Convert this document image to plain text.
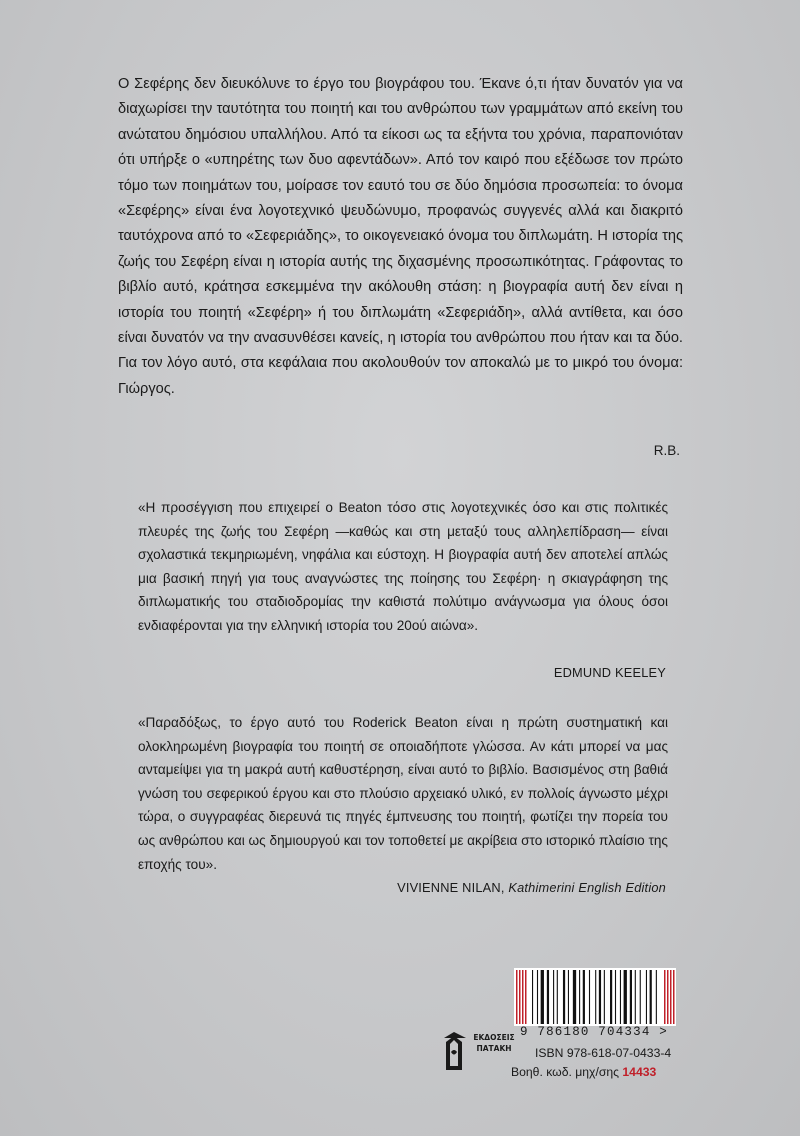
Ο Σεφέρης δεν διευκόλυνε το έργο του βιογράφου του. Έκανε ό,τι ήταν δυνατόν για να διαχωρίσει την ταυτότητα του ποιητή και του ανθρώπου των γραμμάτων από εκείνη του ανώτατου δημόσιου υπαλλήλου. Από τα είκοσι ως τα εξήντα του χρόνια, παραπονιόταν ότι υπήρξε ο «υπηρέτης των δυο αφεντάδων». Από τον καιρό που εξέδωσε τον πρώτο τόμο των ποιημάτων του, μοίρασε τον εαυτό του σε δύο δημόσια προσωπεία: το όνομα «Σεφέρης» είναι ένα λογοτεχνικό ψευδώνυμο, προφανώς συγγενές αλλά και διακριτό ταυτόχρονα από το «Σεφεριάδης», το οικογενειακό όνομα του διπλωμάτη. Η ιστορία της ζωής του Σεφέρη είναι η ιστορία αυτής της διχασμένης προσωπικότητας. Γράφοντας το βιβλίο αυτό, κράτησα εσκεμμένα την ακόλουθη στάση: η βιογραφία αυτή δεν είναι η ιστορία του ποιητή «Σεφέρη» ή του διπλωμάτη «Σεφεριάδη», αλλά αντίθετα, και όσο είναι δυνατόν να την ανασυνθέσει κανείς, η ιστορία του ανθρώπου που ήταν και τα δύο. Για τον λόγο αυτό, στα κεφάλαια που ακολουθούν τον αποκαλώ με το μικρό του όνομα: Γιώργος.

R.B.

«Η προσέγγιση που επιχειρεί ο Beaton τόσο στις λογοτεχνικές όσο και στις πολιτικές πλευρές της ζωής του Σεφέρη —καθώς και στη μεταξύ τους αλληλεπίδραση— είναι σχολαστικά τεκμηριωμένη, νηφάλια και εύστοχη. Η βιογραφία αυτή δεν αποτελεί απλώς μια βασική πηγή για τους αναγνώστες της ποίησης του Σεφέρη· η σκιαγράφηση της διπλωματικής του σταδιοδρομίας την καθιστά πολύτιμο ανάγνωσμα για όλους όσοι ενδιαφέρονται για την ελληνική ιστορία του 20ού αιώνα».

EDMUND KEELEY

«Παραδόξως, το έργο αυτό του Roderick Beaton είναι η πρώτη συστηματική και ολοκληρωμένη βιογραφία του ποιητή σε οποιαδήποτε γλώσσα. Αν κάτι μπορεί να μας ανταμείψει για τη μακρά αυτή καθυστέρηση, είναι αυτό το βιβλίο. Βασισμένος στη βαθιά γνώση του σεφερικού έργου και στο πλούσιο αρχειακό υλικό, εν πολλοίς άγνωστο μέχρι τώρα, ο συγγραφέας διερευνά τις πηγές έμπνευσης του ποιητή, φωτίζει την πορεία του ως ανθρώπου και ως δημιουργού και τον τοποθετεί με ακρίβεια στο ιστορικό πλαίσιο της εποχής του».

VIVIENNE NILAN, Kathimerini English Edition
ΕΚΔΟΣΕΙΣ
ΠΑΤΑΚΗ
9 786180 704334 >
ISBN 978-618-07-0433-4
Βοηθ. κωδ. μηχ/σης 14433
